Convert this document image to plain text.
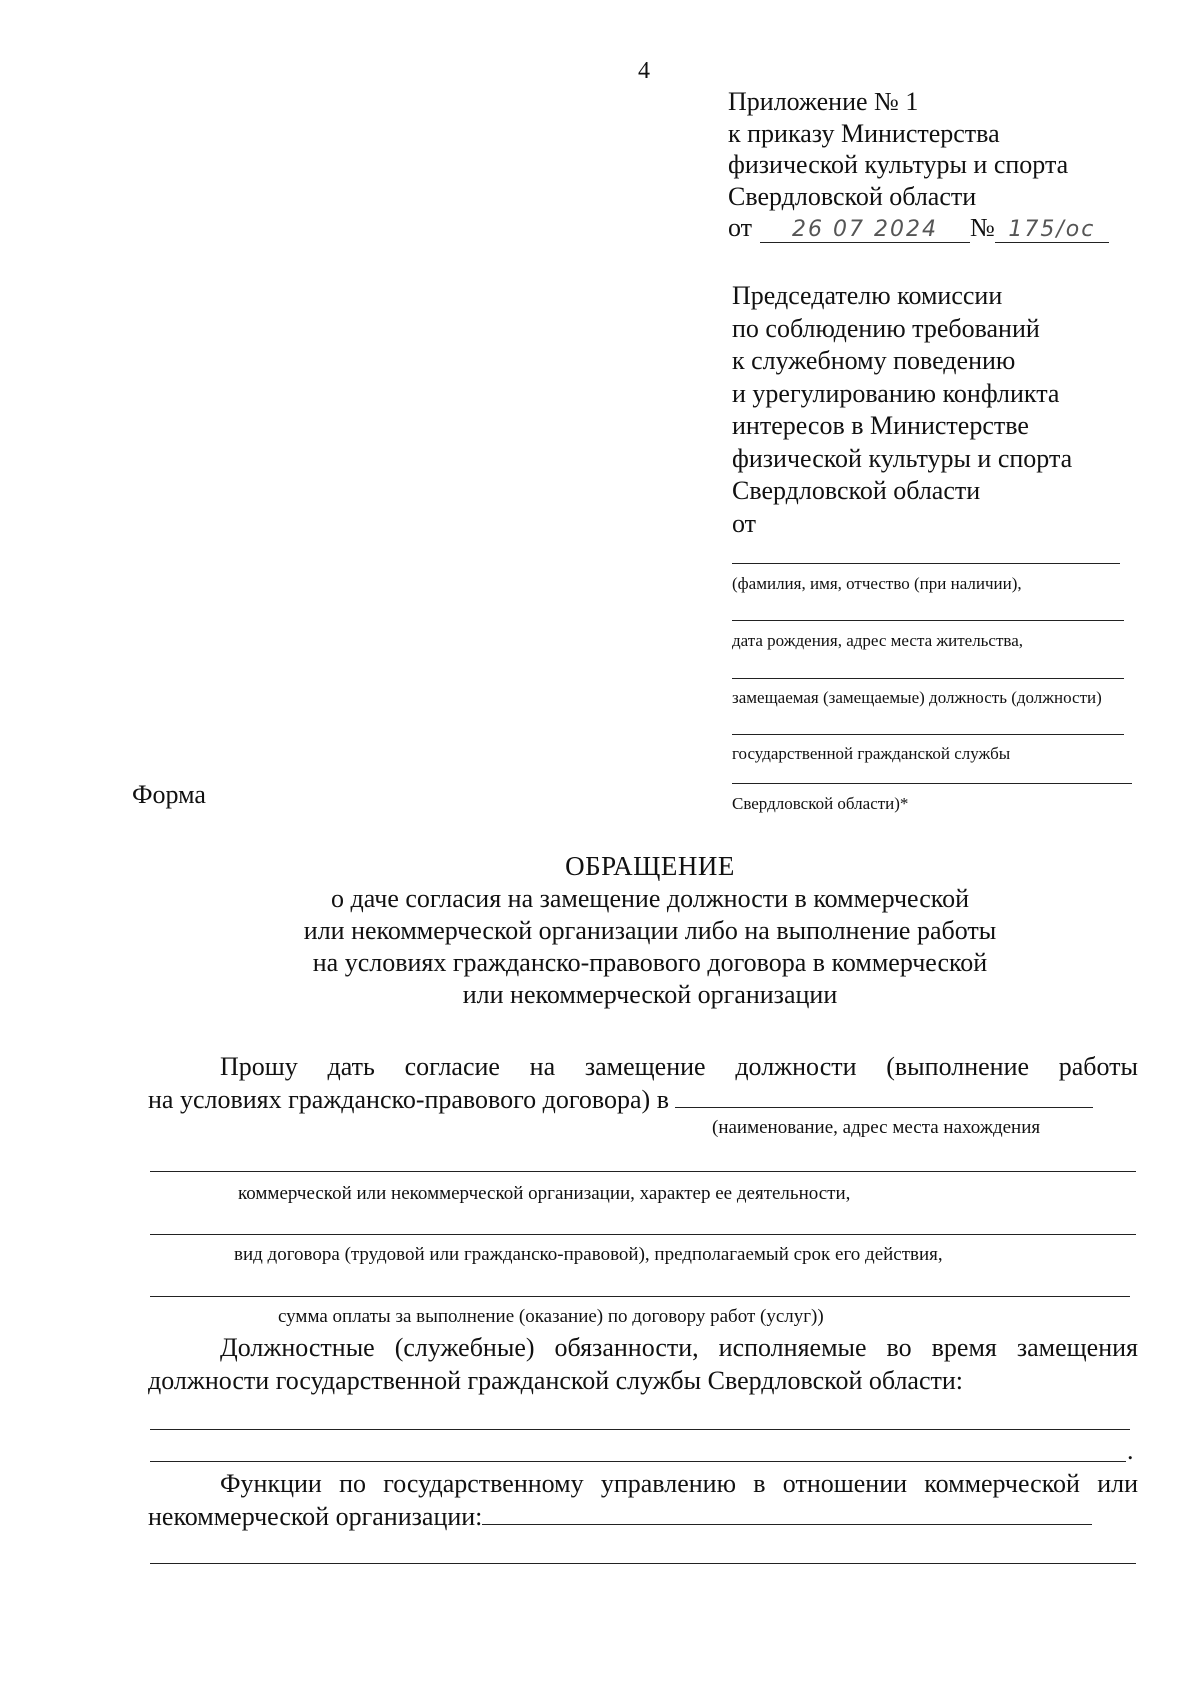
4
Приложение № 1
к приказу Министерства
физической культуры и спорта
Свердловской области
от 26 07 2024 № 175/ос
Председателю комиссии
по соблюдению требований
к служебному поведению
и урегулированию конфликта
интересов в Министерстве
физической культуры и спорта
Свердловской области
от
(фамилия, имя, отчество (при наличии),
дата рождения, адрес места жительства,
замещаемая (замещаемые) должность (должности)
государственной гражданской службы
Свердловской области)*
Форма
ОБРАЩЕНИЕ
о даче согласия на замещение должности в коммерческой
или некоммерческой организации либо на выполнение работы
на условиях гражданско-правового договора в коммерческой
или некоммерческой организации
Прошу дать согласие на замещение должности (выполнение работы
на условиях гражданско-правового договора) в
(наименование, адрес места нахождения
коммерческой или некоммерческой организации, характер ее деятельности,
вид договора (трудовой или гражданско-правовой), предполагаемый срок его действия,
сумма оплаты за выполнение (оказание) по договору работ (услуг))
Должностные (служебные) обязанности, исполняемые во время замещения
должности государственной гражданской службы Свердловской области:
.
Функции по государственному управлению в отношении коммерческой или
некоммерческой организации:
